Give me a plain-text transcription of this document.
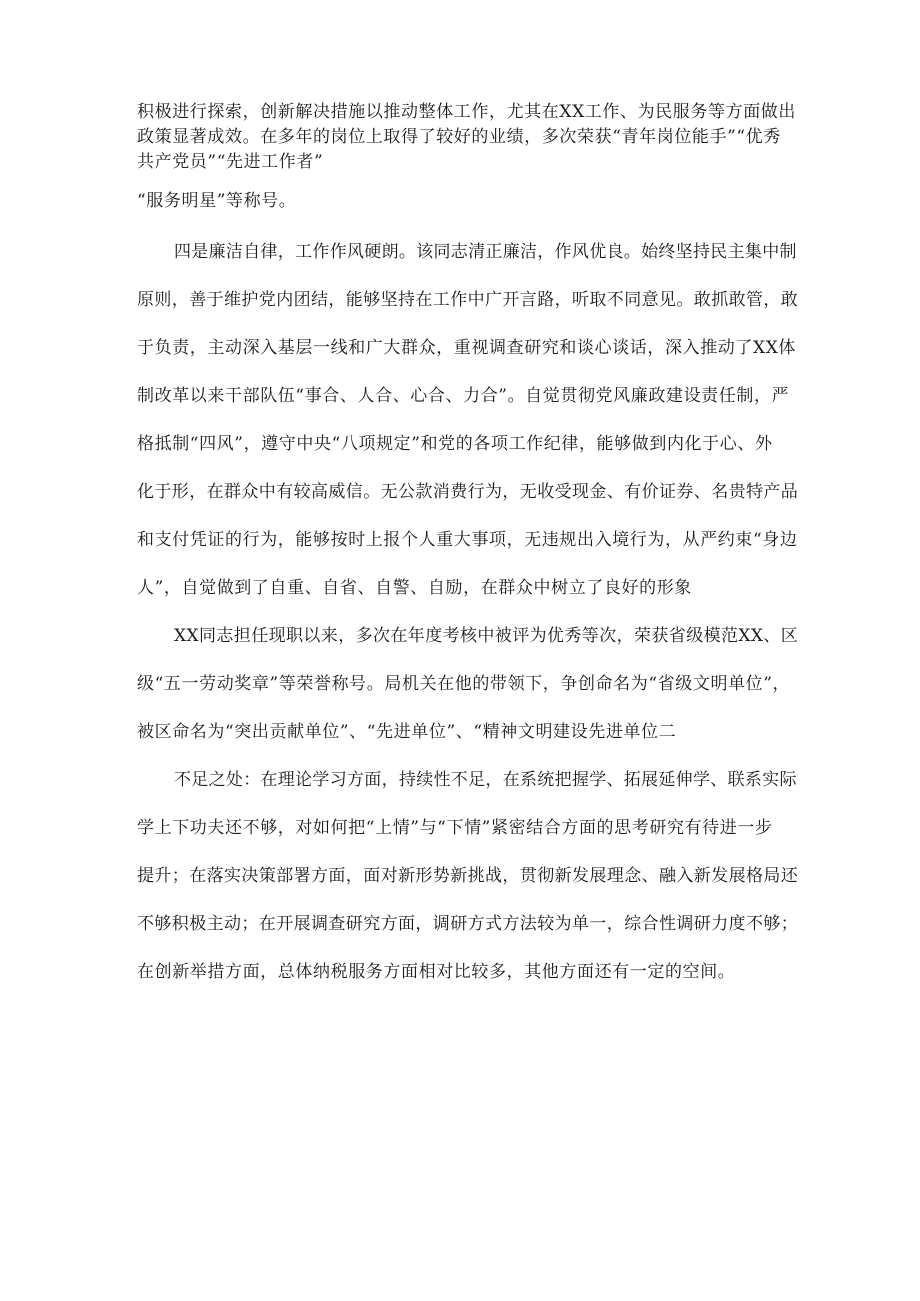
积极进行探索，创新解决措施以推动整体工作，尤其在XX工作、为民服务等方面做出
政策显著成效。在多年的岗位上取得了较好的业绩，多次荣获“青年岗位能手”“优秀
共产党员”“先进工作者”
“服务明星”等称号。
四是廉洁自律，工作作风硬朗。该同志清正廉洁，作风优良。始终坚持民主集中制
原则，善于维护党内团结，能够坚持在工作中广开言路，听取不同意见。敢抓敢管，敢
于负责，主动深入基层一线和广大群众，重视调查研究和谈心谈话，深入推动了XX体
制改革以来干部队伍“事合、人合、心合、力合”。自觉贯彻党风廉政建设责任制，严
格抵制“四风”，遵守中央“八项规定”和党的各项工作纪律，能够做到内化于心、外
化于形，在群众中有较高威信。无公款消费行为，无收受现金、有价证券、名贵特产品
和支付凭证的行为，能够按时上报个人重大事项，无违规出入境行为，从严约束“身边
人”，自觉做到了自重、自省、自警、自励，在群众中树立了良好的形象
XX同志担任现职以来，多次在年度考核中被评为优秀等次，荣获省级模范XX、区
级“五一劳动奖章”等荣誉称号。局机关在他的带领下，争创命名为“省级文明单位”，
被区命名为“突出贡献单位”、“先进单位”、“精神文明建设先进单位二
不足之处：在理论学习方面，持续性不足，在系统把握学、拓展延伸学、联系实际
学上下功夫还不够，对如何把“上情”与“下情”紧密结合方面的思考研究有待进一步
提升；在落实决策部署方面，面对新形势新挑战，贯彻新发展理念、融入新发展格局还
不够积极主动；在开展调查研究方面，调研方式方法较为单一，综合性调研力度不够；
在创新举措方面，总体纳税服务方面相对比较多，其他方面还有一定的空间。
